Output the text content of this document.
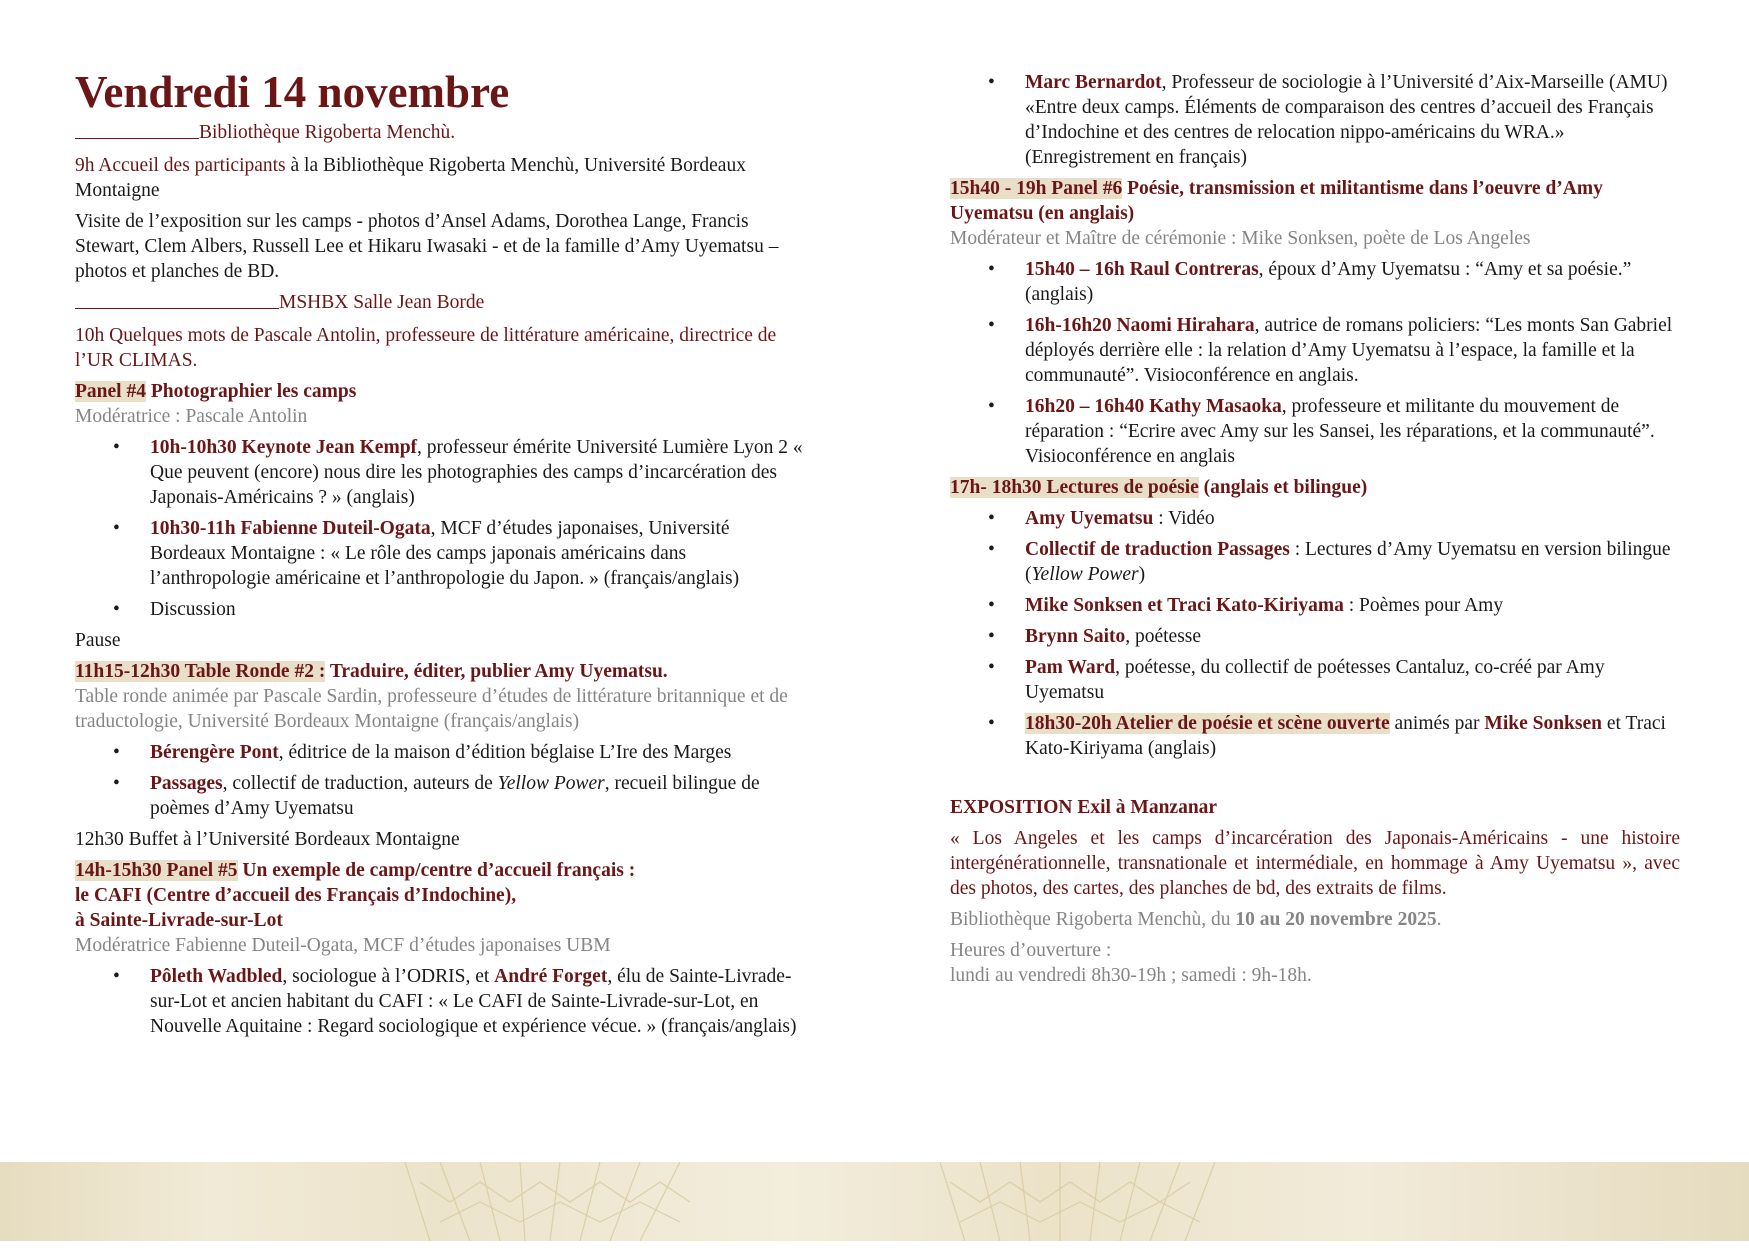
Vendredi 14 novembre
Bibliothèque Rigoberta Menchù.
9h Accueil des participants à la Bibliothèque Rigoberta Menchù, Université Bordeaux Montaigne
Visite de l’exposition sur les camps - photos d’Ansel Adams, Dorothea Lange, Francis Stewart, Clem Albers, Russell Lee et Hikaru Iwasaki - et de la famille d’Amy Uyematsu – photos et planches de BD.
MSHBX Salle Jean Borde
10h Quelques mots de Pascale Antolin, professeure de littérature américaine, directrice de l’UR CLIMAS.
Panel #4 Photographier les camps
Modératrice : Pascale Antolin
• 10h-10h30 Keynote Jean Kempf, professeur émérite Université Lumière Lyon 2 « Que peuvent (encore) nous dire les photographies des camps d’incarcération des Japonais-Américains ? » (anglais)
• 10h30-11h Fabienne Duteil-Ogata, MCF d’études japonaises, Université Bordeaux Montaigne : « Le rôle des camps japonais américains dans l’anthropologie américaine et l’anthropologie du Japon. » (français/anglais)
• Discussion
Pause
11h15-12h30 Table Ronde #2 : Traduire, éditer, publier Amy Uyematsu.
Table ronde animée par Pascale Sardin, professeure d’études de littérature britannique et de traductologie, Université Bordeaux Montaigne (français/anglais)
• Bérengère Pont, éditrice de la maison d’édition béglaise L’Ire des Marges
• Passages, collectif de traduction, auteurs de Yellow Power, recueil bilingue de poèmes d’Amy Uyematsu
12h30 Buffet à l’Université Bordeaux Montaigne
14h-15h30 Panel #5 Un exemple de camp/centre d’accueil français :
le CAFI (Centre d’accueil des Français d’Indochine),
à Sainte-Livrade-sur-Lot
Modératrice Fabienne Duteil-Ogata, MCF d’études japonaises UBM
• Pôleth Wadbled, sociologue à l’ODRIS, et André Forget, élu de Sainte-Livrade-sur-Lot et ancien habitant du CAFI : « Le CAFI de Sainte-Livrade-sur-Lot, en Nouvelle Aquitaine : Regard sociologique et expérience vécue. » (français/anglais)
• Marc Bernardot, Professeur de sociologie à l’Université d’Aix-Marseille (AMU) «Entre deux camps. Éléments de comparaison des centres d’accueil des Français d’Indochine et des centres de relocation nippo-américains du WRA.» (Enregistrement en français)
15h40 - 19h Panel #6 Poésie, transmission et militantisme dans l’oeuvre d’Amy Uyematsu (en anglais)
Modérateur et Maître de cérémonie : Mike Sonksen, poète de Los Angeles
• 15h40 – 16h Raul Contreras, époux d’Amy Uyematsu : “Amy et sa poésie.” (anglais)
• 16h-16h20 Naomi Hirahara, autrice de romans policiers: “Les monts San Gabriel déployés derrière elle : la relation d’Amy Uyematsu à l’espace, la famille et la communauté”. Visioconférence en anglais.
• 16h20 – 16h40 Kathy Masaoka, professeure et militante du mouvement de réparation : “Ecrire avec Amy sur les Sansei, les réparations, et la communauté”. Visioconférence en anglais
17h- 18h30 Lectures de poésie (anglais et bilingue)
• Amy Uyematsu : Vidéo
• Collectif de traduction Passages : Lectures d’Amy Uyematsu en version bilingue (Yellow Power)
• Mike Sonksen et Traci Kato-Kiriyama : Poèmes pour Amy
• Brynn Saito, poétesse
• Pam Ward, poétesse, du collectif de poétesses Cantaluz, co-créé par Amy Uyematsu
• 18h30-20h Atelier de poésie et scène ouverte animés par Mike Sonksen et Traci Kato-Kiriyama (anglais)
EXPOSITION Exil à Manzanar
« Los Angeles et les camps d’incarcération des Japonais-Américains - une histoire intergénérationnelle, transnationale et intermédiale, en hommage à Amy Uyematsu », avec des photos, des cartes, des planches de bd, des extraits de films.
Bibliothèque Rigoberta Menchù, du 10 au 20 novembre 2025.
Heures d’ouverture :
lundi au vendredi 8h30-19h ; samedi : 9h-18h.
